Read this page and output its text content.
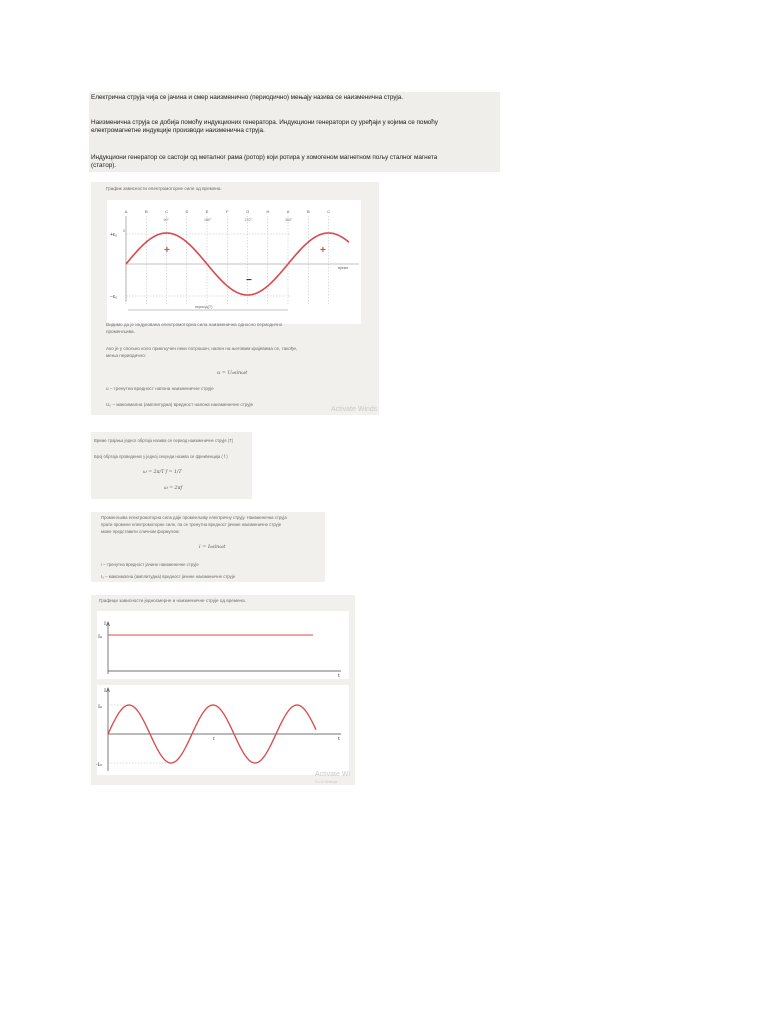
Електрична струја чија се јачина и смер наизменично (периодично) мењају назива се наизменична струја.

Наизменична струја се добија помоћу индукционих генератора. Индукциони генератори су уређаји у којима се помоћу

електромагнетне индукције производи наизменична струја.

Индукциони генератор се састоји од металног рама (ротор) који ротира у хомогеном магнетном пољу сталног магнета

(статор).

График зависности електромоторне силе од времена.
A	B	C	D	E	F	G	H	A	B	C
90°	180°	270°	360°
+ε₀
−ε₀
0
време
период(T)
+	+
−
Видимо да је индукована електромоторна сила наизменична односно периодично
променљива.
Ако је у спољно коло прикључен неки потрошач, напон на његовим крајевима се, такође,
мења периодично:
u = U₀sinωt
u – тренутна вредност напона наизменичне струје
U₀ – максимална (амплитудна) вредност напона наизменичне струје
Activate Winds
Време трајања једног обртаја назива се период наизменичне струје (T)
Број обртаја проведених у једној секунди назива се фреквенција ( f )
ω = 2π/T f = 1/T
ω = 2πf
Променљива електромоторна сила даје променљиву електричну струју. Наизменична струја
прати промене електромоторне силе, па се тренутна вредност јачине наизменичне струје
може представити сличном формулом:
i = I₀sinωt
i – тренутна вредност јачине наизменичне струје
I₀ – максимална (амплитудна) вредност јачине наизменичне струје
Графици зависности једносмерне и наизменичне струје од времена.
I
I₀
t
I
I₀
-I₀
t	t
Activate Wi
Go to Settings
